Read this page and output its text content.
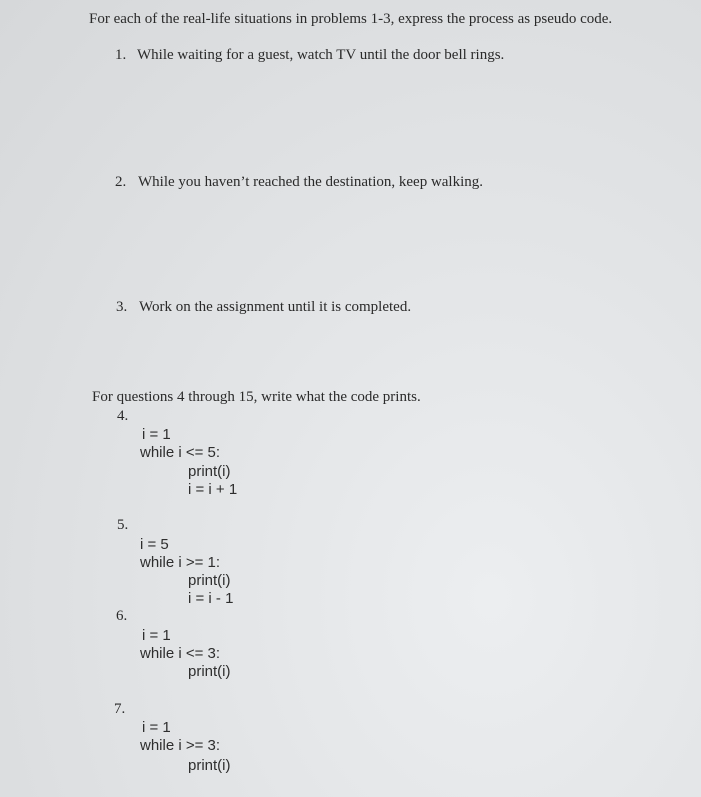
For each of the real-life situations in problems 1-3, express the process as pseudo code.
1. While waiting for a guest, watch TV until the door bell rings.
2. While you haven’t reached the destination, keep walking.
3. Work on the assignment until it is completed.
For questions 4 through 15, write what the code prints.
4.
i = 1
while i <= 5:
print(i)
i = i + 1
5.
i = 5
while i >= 1:
print(i)
i = i - 1
6.
i = 1
while i <= 3:
print(i)
7.
i = 1
while i >= 3:
print(i)
